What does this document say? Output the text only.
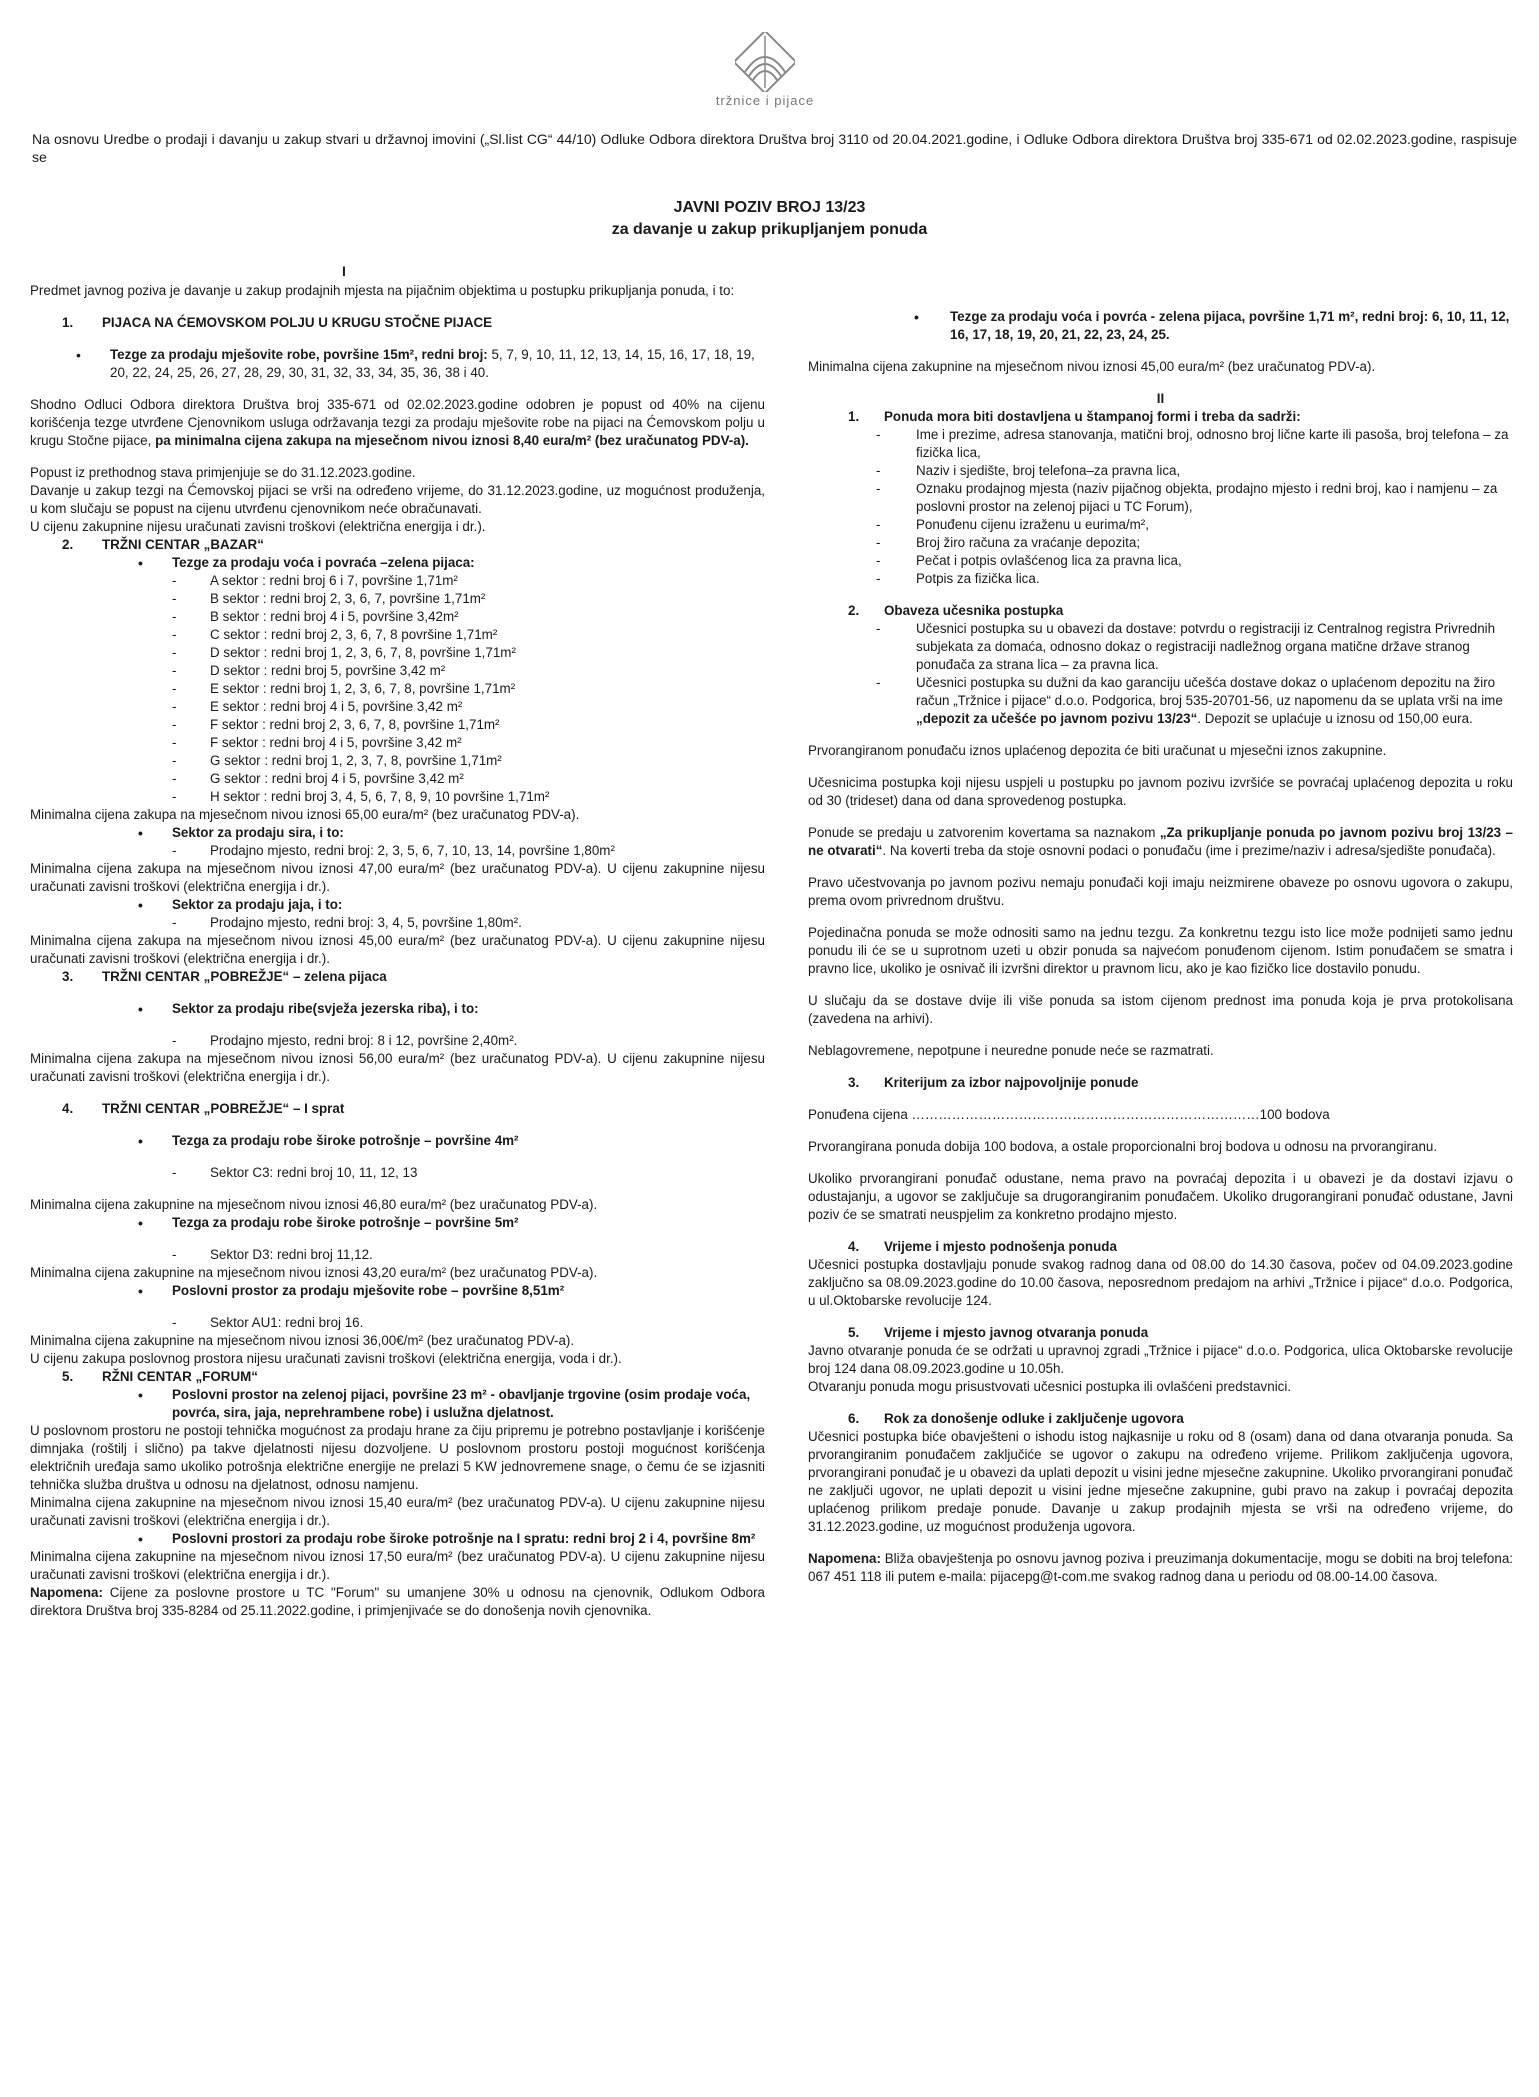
tržnice i pijace

Na osnovu Uredbe o prodaji i davanju u zakup stvari u državnoj imovini („Sl.list CG“ 44/10) Odluke Odbora direktora Društva broj 3110 od 20.04.2021.godine, i Odluke Odbora direktora Društva broj 335-671 od 02.02.2023.godine, raspisuje se

JAVNI POZIV BROJ 13/23
za davanje u zakup prikupljanjem ponuda
I

Predmet javnog poziva je davanje u zakup prodajnih mjesta na pijačnim objektima u postupku prikupljanja ponuda, i to:

1. PIJACA NA ĆEMOVSKOM POLJU U KRUGU STOČNE PIJACE
• Tezge za prodaju mješovite robe, površine 15m², redni broj: 5, 7, 9, 10, 11, 12, 13, 14, 15, 16, 17, 18, 19, 20, 22, 24, 25, 26, 27, 28, 29, 30, 31, 32, 33, 34, 35, 36, 38 i 40.

Shodno Odluci Odbora direktora Društva broj 335-671 od 02.02.2023.godine odobren je popust od 40% na cijenu korišćenja tezge utvrđene Cjenovnikom usluga održavanja tezgi za prodaju mješovite robe na pijaci na Ćemovskom polju u krugu Stočne pijace, pa minimalna cijena zakupa na mjesečnom nivou iznosi 8,40 eura/m² (bez uračunatog PDV-a).

Popust iz prethodnog stava primjenjuje se do 31.12.2023.godine.

Davanje u zakup tezgi na Ćemovskoj pijaci se vrši na određeno vrijeme, do 31.12.2023.godine, uz mogućnost produženja, u kom slučaju se popust na cijenu utvrđenu cjenovnikom neće obračunavati.

U cijenu zakupnine nijesu uračunati zavisni troškovi (električna energija i dr.).

2. TRŽNI CENTAR „BAZAR“
• Tezge za prodaju voća i povraća –zelena pijaca:
- A sektor : redni broj 6 i 7, površine 1,71m²
- B sektor : redni broj 2, 3, 6, 7, površine 1,71m²
- B sektor : redni broj 4 i 5, površine 3,42m²
- C sektor : redni broj 2, 3, 6, 7, 8 površine 1,71m²
- D sektor : redni broj 1, 2, 3, 6, 7, 8, površine 1,71m²
- D sektor : redni broj 5, površine 3,42 m²
- E sektor : redni broj 1, 2, 3, 6, 7, 8, površine 1,71m²
- E sektor : redni broj 4 i 5, površine 3,42 m²
- F sektor : redni broj 2, 3, 6, 7, 8, površine 1,71m²
- F sektor : redni broj 4 i 5, površine 3,42 m²
- G sektor : redni broj 1, 2, 3, 7, 8, površine 1,71m²
- G sektor : redni broj 4 i 5, površine 3,42 m²
- H sektor : redni broj 3, 4, 5, 6, 7, 8, 9, 10 površine 1,71m²

Minimalna cijena zakupa na mjesečnom nivou iznosi 65,00 eura/m² (bez uračunatog PDV-a).

• Sektor za prodaju sira, i to:
- Prodajno mjesto, redni broj: 2, 3, 5, 6, 7, 10, 13, 14, površine 1,80m²

Minimalna cijena zakupa na mjesečnom nivou iznosi 47,00 eura/m² (bez uračunatog PDV-a). U cijenu zakupnine nijesu uračunati zavisni troškovi (električna energija i dr.).

• Sektor za prodaju jaja, i to:
- Prodajno mjesto, redni broj: 3, 4, 5, površine 1,80m².

Minimalna cijena zakupa na mjesečnom nivou iznosi 45,00 eura/m² (bez uračunatog PDV-a). U cijenu zakupnine nijesu uračunati zavisni troškovi (električna energija i dr.).

3. TRŽNI CENTAR „POBREŽJE“ – zelena pijaca
• Sektor za prodaju ribe(svježa jezerska riba), i to:
- Prodajno mjesto, redni broj: 8 i 12, površine 2,40m².

Minimalna cijena zakupa na mjesečnom nivou iznosi 56,00 eura/m² (bez uračunatog PDV-a). U cijenu zakupnine nijesu uračunati zavisni troškovi (električna energija i dr.).

4. TRŽNI CENTAR „POBREŽJE“ – I sprat
• Tezga za prodaju robe široke potrošnje – površine 4m²
- Sektor C3: redni broj 10, 11, 12, 13

Minimalna cijena zakupnine na mjesečnom nivou iznosi 46,80 eura/m² (bez uračunatog PDV-a).

• Tezga za prodaju robe široke potrošnje – površine 5m²
- Sektor D3: redni broj 11,12.

Minimalna cijena zakupnine na mjesečnom nivou iznosi 43,20 eura/m² (bez uračunatog PDV-a).

• Poslovni prostor za prodaju mješovite robe – površine 8,51m²
- Sektor AU1: redni broj 16.

Minimalna cijena zakupnine na mjesečnom nivou iznosi 36,00€/m² (bez uračunatog PDV-a).

U cijenu zakupa poslovnog prostora nijesu uračunati zavisni troškovi (električna energija, voda i dr.).

5. RŽNI CENTAR „FORUM“
• Poslovni prostor na zelenoj pijaci, površine 23 m² - obavljanje trgovine (osim prodaje voća, povrća, sira, jaja, neprehrambene robe) i uslužna djelatnost.

U poslovnom prostoru ne postoji tehnička mogućnost za prodaju hrane za čiju pripremu je potrebno postavljanje i korišćenje dimnjaka (roštilj i slično) pa takve djelatnosti nijesu dozvoljene. U poslovnom prostoru postoji mogućnost korišćenja električnih uređaja samo ukoliko potrošnja električne energije ne prelazi 5 KW jednovremene snage, o čemu će se izjasniti tehnička služba društva u odnosu na djelatnost, odnosu namjenu.

Minimalna cijena zakupnine na mjesečnom nivou iznosi 15,40 eura/m² (bez uračunatog PDV-a). U cijenu zakupnine nijesu uračunati zavisni troškovi (električna energija i dr.).

• Poslovni prostori za prodaju robe široke potrošnje na I spratu: redni broj 2 i 4, površine 8m²

Minimalna cijena zakupnine na mjesečnom nivou iznosi 17,50 eura/m² (bez uračunatog PDV-a). U cijenu zakupnine nijesu uračunati zavisni troškovi (električna energija i dr.).

Napomena: Cijene za poslovne prostore u TC "Forum" su umanjene 30% u odnosu na cjenovnik, Odlukom Odbora direktora Društva broj 335-8284 od 25.11.2022.godine, i primjenjivaće se do donošenja novih cjenovnika.

• Tezge za prodaju voća i povrća - zelena pijaca, površine 1,71 m², redni broj: 6, 10, 11, 12, 16, 17, 18, 19, 20, 21, 22, 23, 24, 25.

Minimalna cijena zakupnine na mjesečnom nivou iznosi 45,00 eura/m² (bez uračunatog PDV-a).

II
1. Ponuda mora biti dostavljena u štampanoj formi i treba da sadrži:
- Ime i prezime, adresa stanovanja, matični broj, odnosno broj lične karte ili pasoša, broj telefona – za fizička lica,
- Naziv i sjedište, broj telefona–za pravna lica,
- Oznaku prodajnog mjesta (naziv pijačnog objekta, prodajno mjesto i redni broj, kao i namjenu – za poslovni prostor na zelenoj pijaci u TC Forum),
- Ponuđenu cijenu izraženu u eurima/m²,
- Broj žiro računa za vraćanje depozita;
- Pečat i potpis ovlašćenog lica za pravna lica,
- Potpis za fizička lica.
2. Obaveza učesnika postupka
- Učesnici postupka su u obavezi da dostave: potvrdu o registraciji iz Centralnog registra Privrednih subjekata za domaća, odnosno dokaz o registraciji nadležnog organa matične države stranog ponuđača za strana lica – za pravna lica.
- Učesnici postupka su dužni da kao garanciju učešća dostave dokaz o uplaćenom depozitu na žiro račun „Tržnice i pijace“ d.o.o. Podgorica, broj 535-20701-56, uz napomenu da se uplata vrši na ime „depozit za učešće po javnom pozivu 13/23“. Depozit se uplaćuje u iznosu od 150,00 eura.

Prvorangiranom ponuđaču iznos uplaćenog depozita će biti uračunat u mjesečni iznos zakupnine.

Učesnicima postupka koji nijesu uspjeli u postupku po javnom pozivu izvršiće se povraćaj uplaćenog depozita u roku od 30 (trideset) dana od dana sprovedenog postupka.

Ponude se predaju u zatvorenim kovertama sa naznakom „Za prikupljanje ponuda po javnom pozivu broj 13/23 – ne otvarati“. Na koverti treba da stoje osnovni podaci o ponuđaču (ime i prezime/naziv i adresa/sjedište ponuđača).

Pravo učestvovanja po javnom pozivu nemaju ponuđači koji imaju neizmirene obaveze po osnovu ugovora o zakupu, prema ovom privrednom društvu.

Pojedinačna ponuda se može odnositi samo na jednu tezgu. Za konkretnu tezgu isto lice može podnijeti samo jednu ponudu ili će se u suprotnom uzeti u obzir ponuda sa najvećom ponuđenom cijenom. Istim ponuđačem se smatra i pravno lice, ukoliko je osnivač ili izvršni direktor u pravnom licu, ako je kao fizičko lice dostavilo ponudu.

U slučaju da se dostave dvije ili više ponuda sa istom cijenom prednost ima ponuda koja je prva protokolisana (zavedena na arhivi).

Neblagovremene, nepotpune i neuredne ponude neće se razmatrati.

3. Kriterijum za izbor najpovoljnije ponude

Ponuđena cijena ……………………………………………………………………100 bodova

Prvorangirana ponuda dobija 100 bodova, a ostale proporcionalni broj bodova u odnosu na prvorangiranu.

Ukoliko prvorangirani ponuđač odustane, nema pravo na povraćaj depozita i u obavezi je da dostavi izjavu o odustajanju, a ugovor se zaključuje sa drugorangiranim ponuđačem. Ukoliko drugorangirani ponuđač odustane, Javni poziv će se smatrati neuspjelim za konkretno prodajno mjesto.

4. Vrijeme i mjesto podnošenja ponuda

Učesnici postupka dostavljaju ponude svakog radnog dana od 08.00 do 14.30 časova, počev od 04.09.2023.godine zaključno sa 08.09.2023.godine do 10.00 časova, neposrednom predajom na arhivi „Tržnice i pijace“ d.o.o. Podgorica, u ul.Oktobarske revolucije 124.

5. Vrijeme i mjesto javnog otvaranja ponuda

Javno otvaranje ponuda će se održati u upravnoj zgradi „Tržnice i pijace“ d.o.o. Podgorica, ulica Oktobarske revolucije broj 124 dana 08.09.2023.godine u 10.05h.

Otvaranju ponuda mogu prisustvovati učesnici postupka ili ovlašćeni predstavnici.

6. Rok za donošenje odluke i zaključenje ugovora

Učesnici postupka biće obavješteni o ishodu istog najkasnije u roku od 8 (osam) dana od dana otvaranja ponuda. Sa prvorangiranim ponuđačem zaključiće se ugovor o zakupu na određeno vrijeme. Prilikom zaključenja ugovora, prvorangirani ponuđač je u obavezi da uplati depozit u visini jedne mjesečne zakupnine. Ukoliko prvorangirani ponuđač ne zaključi ugovor, ne uplati depozit u visini jedne mjesečne zakupnine, gubi pravo na zakup i povraćaj depozita uplaćenog prilikom predaje ponude. Davanje u zakup prodajnih mjesta se vrši na određeno vrijeme, do 31.12.2023.godine, uz mogućnost produženja ugovora.

Napomena: Bliža obavještenja po osnovu javnog poziva i preuzimanja dokumentacije, mogu se dobiti na broj telefona: 067 451 118 ili putem e-maila: pijacepg@t-com.me svakog radnog dana u periodu od 08.00-14.00 časova.
